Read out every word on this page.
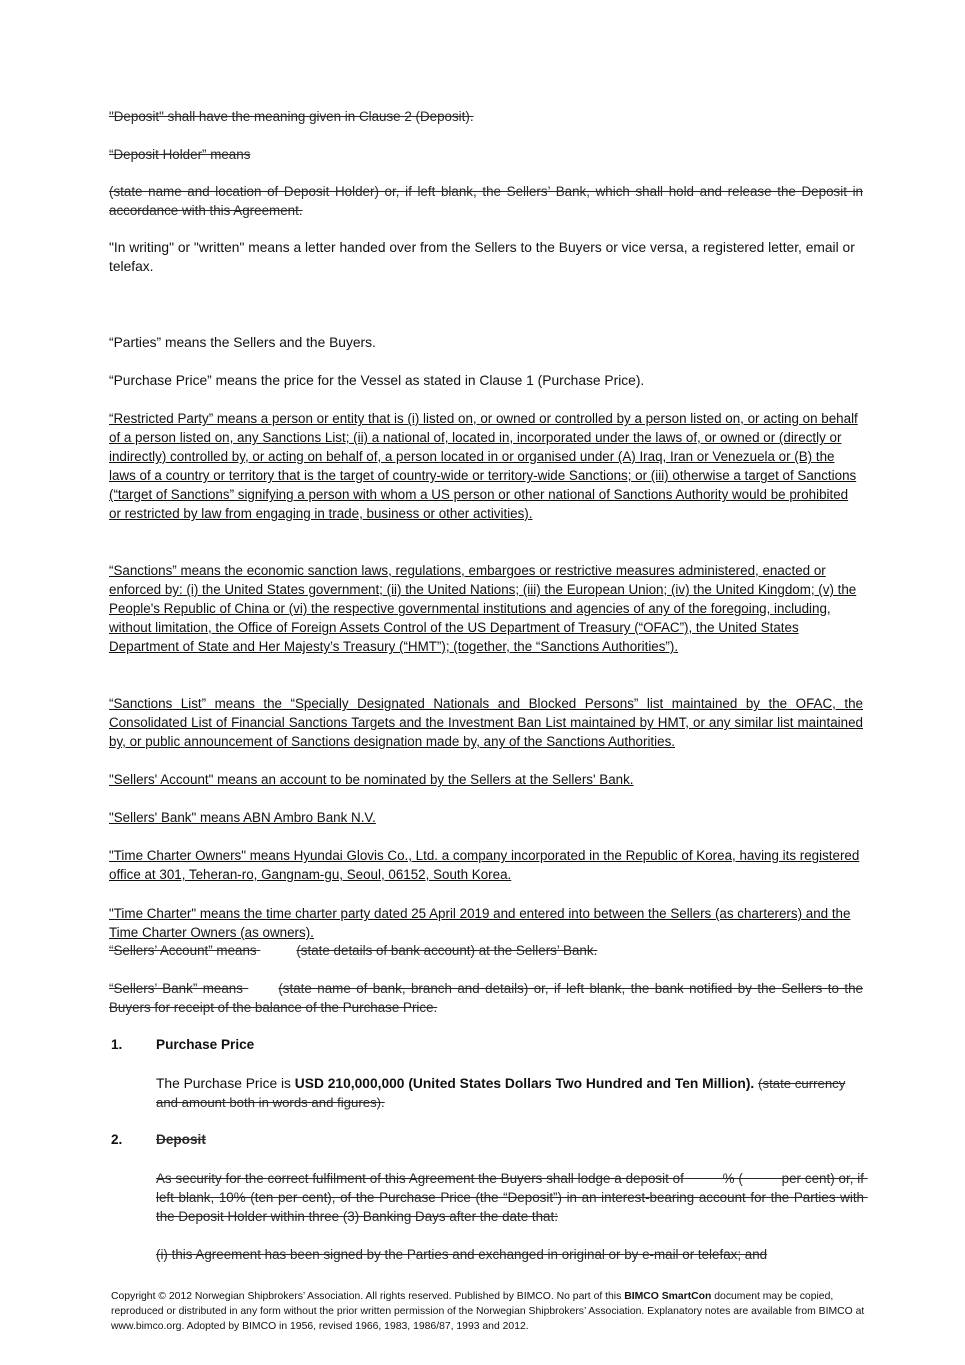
"Deposit" shall have the meaning given in Clause 2 (Deposit).

“Deposit Holder” means

(state name and location of Deposit Holder) or, if left blank, the Sellers’ Bank, which shall hold and release the Deposit in accordance with this Agreement.

"In writing" or "written" means a letter handed over from the Sellers to the Buyers or vice versa, a registered letter, email or telefax.

“Parties” means the Sellers and the Buyers.

“Purchase Price” means the price for the Vessel as stated in Clause 1 (Purchase Price).

“Restricted Party” means a person or entity that is (i) listed on, or owned or controlled by a person listed on, or acting on behalf of a person listed on, any Sanctions List; (ii) a national of, located in, incorporated under the laws of, or owned or (directly or indirectly) controlled by, or acting on behalf of, a person located in or organised under (A) Iraq, Iran or Venezuela or (B) the laws of a country or territory that is the target of country-wide or territory-wide Sanctions; or (iii) otherwise a target of Sanctions (“target of Sanctions” signifying a person with whom a US person or other national of Sanctions Authority would be prohibited or restricted by law from engaging in trade, business or other activities).

“Sanctions” means the economic sanction laws, regulations, embargoes or restrictive measures administered, enacted or enforced by: (i) the United States government; (ii) the United Nations; (iii) the European Union; (iv) the United Kingdom; (v) the People's Republic of China or (vi) the respective governmental institutions and agencies of any of the foregoing, including, without limitation, the Office of Foreign Assets Control of the US Department of Treasury (“OFAC”), the United States Department of State and Her Majesty’s Treasury (“HMT”); (together, the “Sanctions Authorities”).

“Sanctions List” means the “Specially Designated Nationals and Blocked Persons” list maintained by the OFAC, the Consolidated List of Financial Sanctions Targets and the Investment Ban List maintained by HMT, or any similar list maintained by, or public announcement of Sanctions designation made by, any of the Sanctions Authorities.

"Sellers' Account" means an account to be nominated by the Sellers at the Sellers' Bank.

"Sellers' Bank" means ABN Ambro Bank N.V.

"Time Charter Owners" means Hyundai Glovis Co., Ltd. a company incorporated in the Republic of Korea, having its registered office at 301, Teheran-ro, Gangnam-gu, Seoul, 06152, South Korea.

"Time Charter" means the time charter party dated 25 April 2019 and entered into between the Sellers (as charterers) and the Time Charter Owners (as owners).

“Sellers’ Account” means	(state details of bank account) at the Sellers’ Bank.
“Sellers’ Bank” means	(state name of bank, branch and details) or, if left blank, the bank notified by the Sellers to the Buyers for receipt of the balance of the Purchase Price.
1. Purchase Price
The Purchase Price is USD 210,000,000 (United States Dollars Two Hundred and Ten Million). (state currency and amount both in words and figures).
2. Deposit
As security for the correct fulfilment of this Agreement the Buyers shall lodge a deposit of          % (          per cent) or, if left blank, 10% (ten per cent), of the Purchase Price (the “Deposit”) in an interest-bearing account for the Parties with the Deposit Holder within three (3) Banking Days after the date that:
(i) this Agreement has been signed by the Parties and exchanged in original or by e-mail or telefax; and
Copyright © 2012 Norwegian Shipbrokers’ Association. All rights reserved. Published by BIMCO. No part of this BIMCO SmartCon document may be copied, reproduced or distributed in any form without the prior written permission of the Norwegian Shipbrokers’ Association. Explanatory notes are available from BIMCO at www.bimco.org. Adopted by BIMCO in 1956, revised 1966, 1983, 1986/87, 1993 and 2012.
